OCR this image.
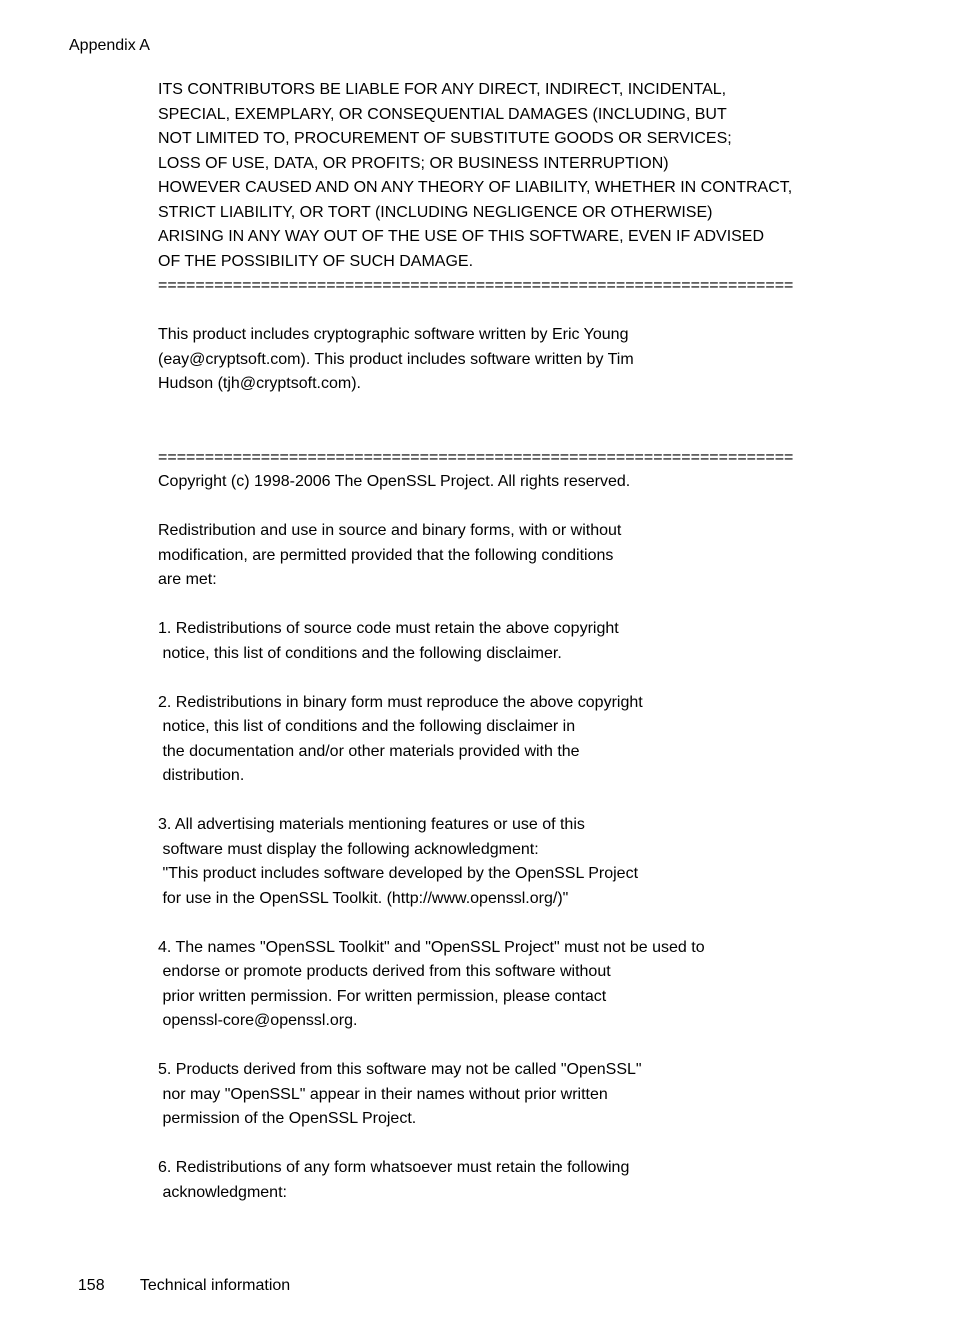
Appendix A
ITS CONTRIBUTORS BE LIABLE FOR ANY DIRECT, INDIRECT, INCIDENTAL,
SPECIAL, EXEMPLARY, OR CONSEQUENTIAL DAMAGES (INCLUDING, BUT
NOT LIMITED TO, PROCUREMENT OF SUBSTITUTE GOODS OR SERVICES;
LOSS OF USE, DATA, OR PROFITS; OR BUSINESS INTERRUPTION)
HOWEVER CAUSED AND ON ANY THEORY OF LIABILITY, WHETHER IN CONTRACT,
STRICT LIABILITY, OR TORT (INCLUDING NEGLIGENCE OR OTHERWISE)
ARISING IN ANY WAY OUT OF THE USE OF THIS SOFTWARE, EVEN IF ADVISED
OF THE POSSIBILITY OF SUCH DAMAGE.
====================================================================
This product includes cryptographic software written by Eric Young
(eay@cryptsoft.com). This product includes software written by Tim
Hudson (tjh@cryptsoft.com).
====================================================================
Copyright (c) 1998-2006 The OpenSSL Project. All rights reserved.
Redistribution and use in source and binary forms, with or without
modification, are permitted provided that the following conditions
are met:
1. Redistributions of source code must retain the above copyright
notice, this list of conditions and the following disclaimer.
2. Redistributions in binary form must reproduce the above copyright
notice, this list of conditions and the following disclaimer in
the documentation and/or other materials provided with the
distribution.
3. All advertising materials mentioning features or use of this
software must display the following acknowledgment:
"This product includes software developed by the OpenSSL Project
for use in the OpenSSL Toolkit. (http://www.openssl.org/)"
4. The names "OpenSSL Toolkit" and "OpenSSL Project" must not be used to
endorse or promote products derived from this software without
prior written permission. For written permission, please contact
openssl-core@openssl.org.
5. Products derived from this software may not be called "OpenSSL"
nor may "OpenSSL" appear in their names without prior written
permission of the OpenSSL Project.
6. Redistributions of any form whatsoever must retain the following
acknowledgment:

158 Technical information
